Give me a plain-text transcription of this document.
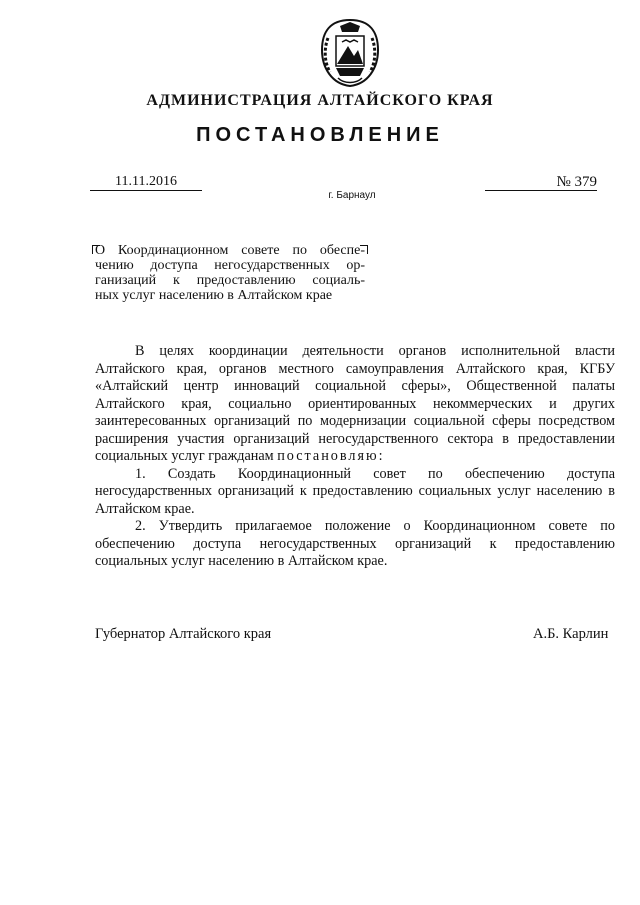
АДМИНИСТРАЦИЯ АЛТАЙСКОГО КРАЯ
ПОСТАНОВЛЕНИЕ
11.11.2016	№ 379
г. Барнаул

О Координационном совете по обеспе-

чению доступа негосударственных ор-

ганизаций к предоставлению социаль-

ных услуг населению в Алтайском крае

В целях координации деятельности органов исполнительной власти Алтайского края, органов местного самоуправления Алтайского края, КГБУ «Алтайский центр инноваций социальной сферы», Общественной палаты Алтайского края, социально ориентированных некоммерческих и других заинтересованных организаций по модернизации социальной сферы посредством расширения участия организаций негосударственного сектора в предоставлении социальных услуг гражданам постановляю:

1. Создать Координационный совет по обеспечению доступа негосударственных организаций к предоставлению социальных услуг населению в Алтайском крае.

2. Утвердить прилагаемое положение о Координационном совете по обеспечению доступа негосударственных организаций к предоставлению социальных услуг населению в Алтайском крае.

Губернатор Алтайского края	А.Б. Карлин
